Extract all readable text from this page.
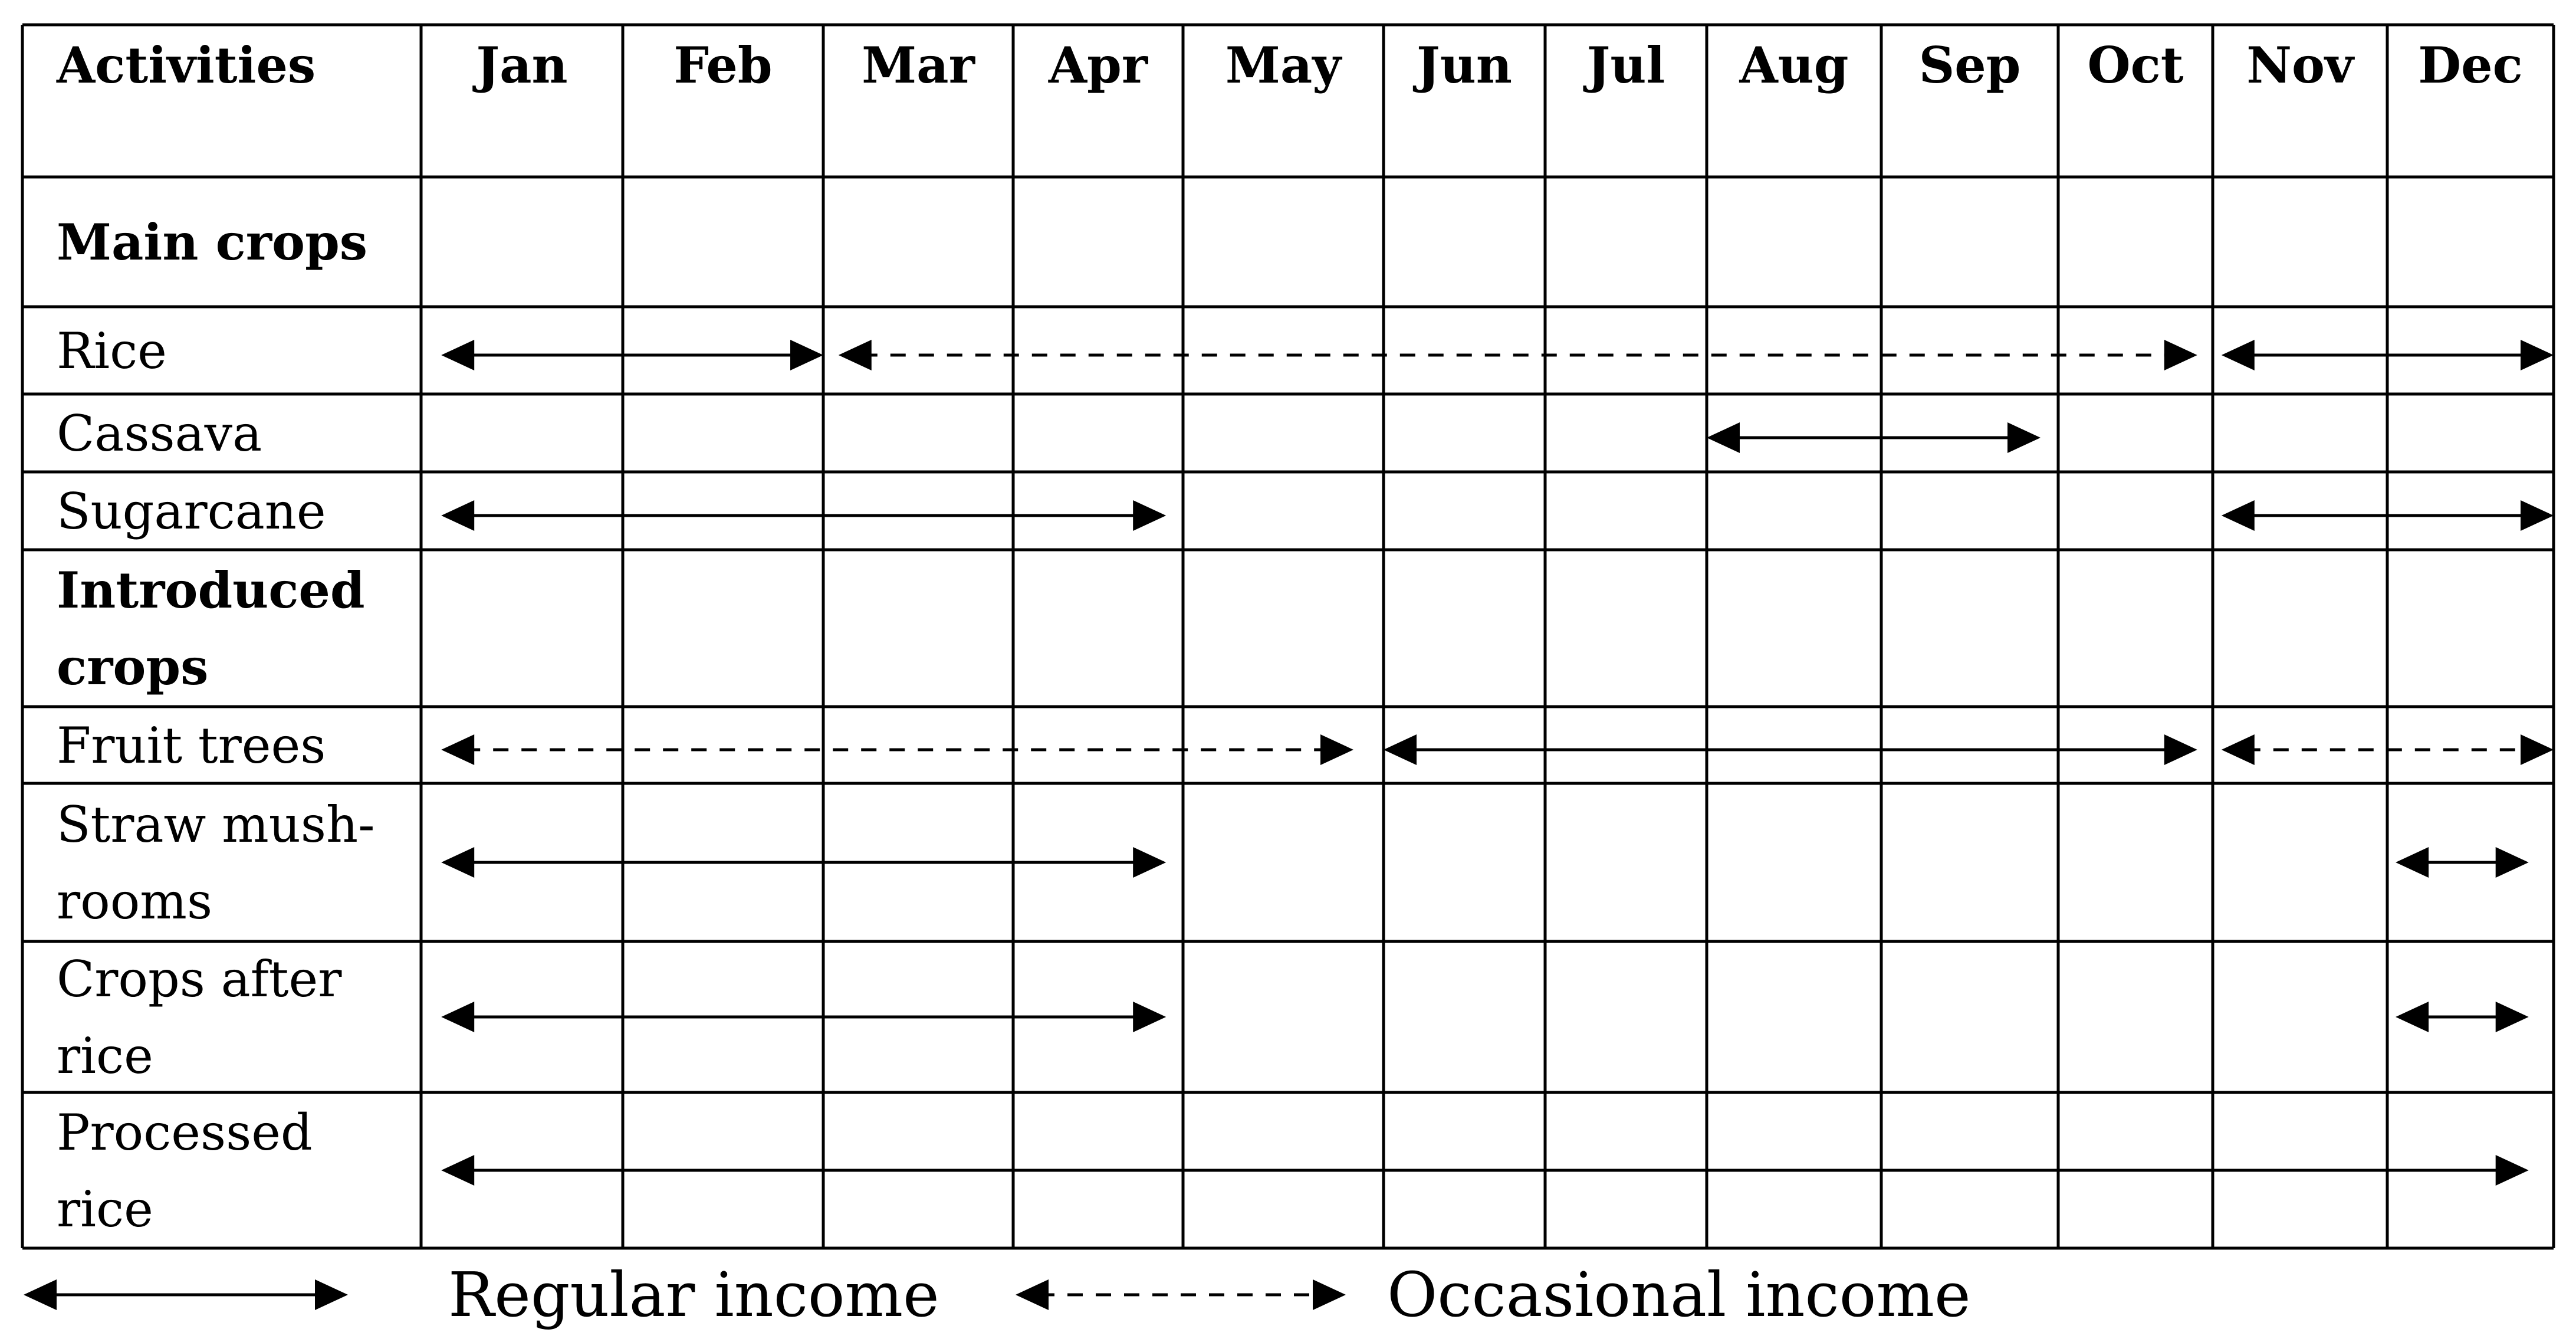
Activities	Jan Feb Mar Apr May Jun Jul Aug Sep Oct Nov Dec
Main crops
Rice
Cassava
Sugarcane
Introduced
crops
Fruit trees
Straw mush-
rooms
Crops after
rice
Processed
rice
Regular income	Occasional income
